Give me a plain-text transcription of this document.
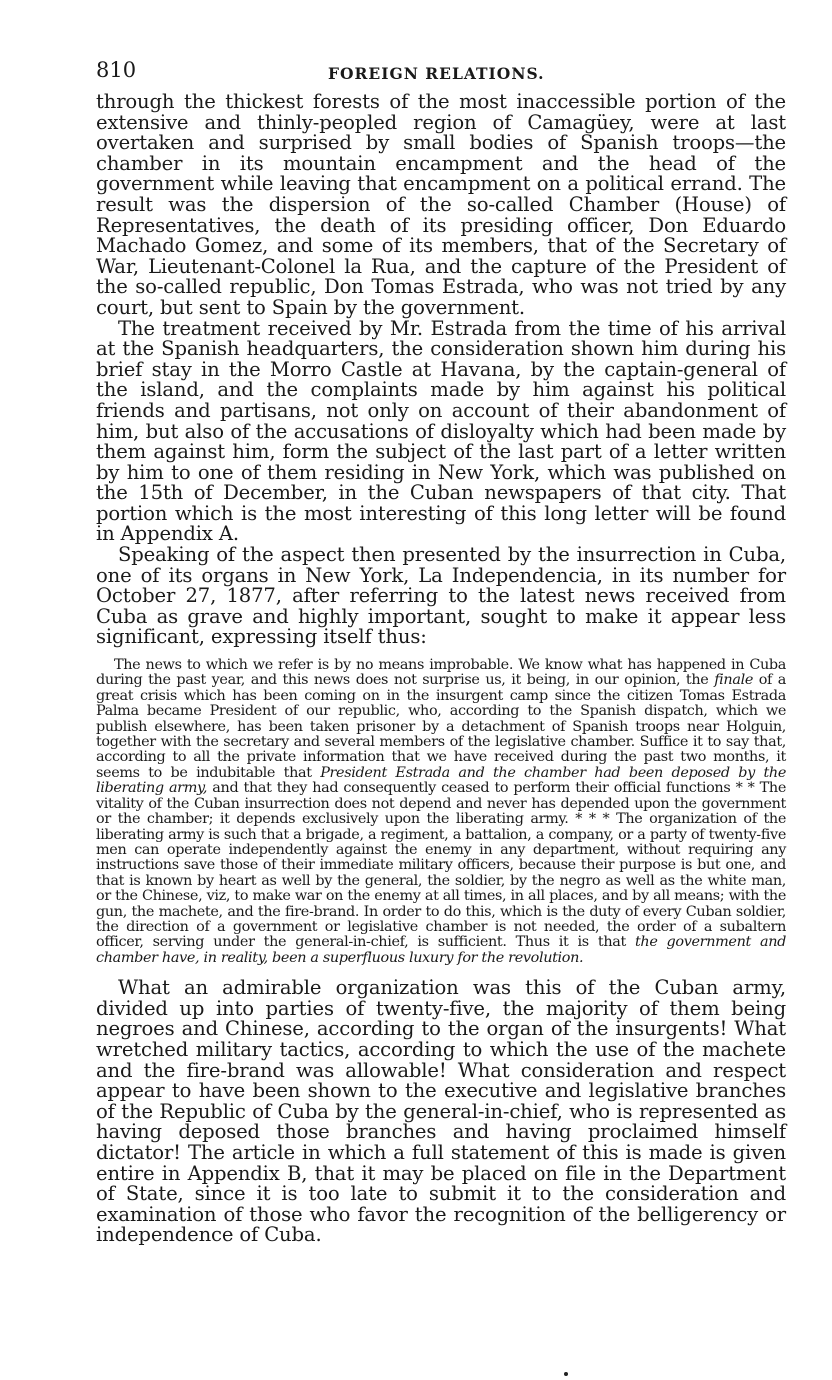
810	FOREIGN RELATIONS.

through the thickest forests of the most inaccessible portion of the extensive and thinly-peopled region of Camagüey, were at last overtaken and surprised by small bodies of Spanish troops—the chamber in its mountain encampment and the head of the government while leaving that encampment on a political errand. The result was the dispersion of the so-called Chamber (House) of Representatives, the death of its presiding officer, Don Eduardo Machado Gomez, and some of its members, that of the Secretary of War, Lieutenant-Colonel la Rua, and the capture of the President of the so-called republic, Don Tomas Estrada, who was not tried by any court, but sent to Spain by the government.

The treatment received by Mr. Estrada from the time of his arrival at the Spanish headquarters, the consideration shown him during his brief stay in the Morro Castle at Havana, by the captain-general of the island, and the complaints made by him against his political friends and partisans, not only on account of their abandonment of him, but also of the accusations of disloyalty which had been made by them against him, form the subject of the last part of a letter written by him to one of them residing in New York, which was published on the 15th of December, in the Cuban newspapers of that city. That portion which is the most interesting of this long letter will be found in Appendix A.

Speaking of the aspect then presented by the insurrection in Cuba, one of its organs in New York, La Independencia, in its number for October 27, 1877, after referring to the latest news received from Cuba as grave and highly important, sought to make it appear less significant, expressing itself thus:

The news to which we refer is by no means improbable. We know what has happened in Cuba during the past year, and this news does not surprise us, it being, in our opinion, the finale of a great crisis which has been coming on in the insurgent camp since the citizen Tomas Estrada Palma became President of our republic, who, according to the Spanish dispatch, which we publish elsewhere, has been taken prisoner by a detachment of Spanish troops near Holguin, together with the secretary and several members of the legislative chamber. Suffice it to say that, according to all the private information that we have received during the past two months, it seems to be indubitable that President Estrada and the chamber had been deposed by the liberating army, and that they had consequently ceased to perform their official functions * * The vitality of the Cuban insurrection does not depend and never has depended upon the government or the chamber; it depends exclusively upon the liberating army. * * * The organization of the liberating army is such that a brigade, a regiment, a battalion, a company, or a party of twenty-five men can operate independently against the enemy in any department, without requiring any instructions save those of their immediate military officers, because their purpose is but one, and that is known by heart as well by the general, the soldier, by the negro as well as the white man, or the Chinese, viz, to make war on the enemy at all times, in all places, and by all means; with the gun, the machete, and the fire-brand. In order to do this, which is the duty of every Cuban soldier, the direction of a government or legislative chamber is not needed, the order of a subaltern officer, serving under the general-in-chief, is sufficient. Thus it is that the government and chamber have, in reality, been a superfluous luxury for the revolution.

What an admirable organization was this of the Cuban army, divided up into parties of twenty-five, the majority of them being negroes and Chinese, according to the organ of the insurgents! What wretched military tactics, according to which the use of the machete and the fire-brand was allowable! What consideration and respect appear to have been shown to the executive and legislative branches of the Republic of Cuba by the general-in-chief, who is represented as having deposed those branches and having proclaimed himself dictator! The article in which a full statement of this is made is given entire in Appendix B, that it may be placed on file in the Department of State, since it is too late to submit it to the consideration and examination of those who favor the recognition of the belligerency or independence of Cuba.
